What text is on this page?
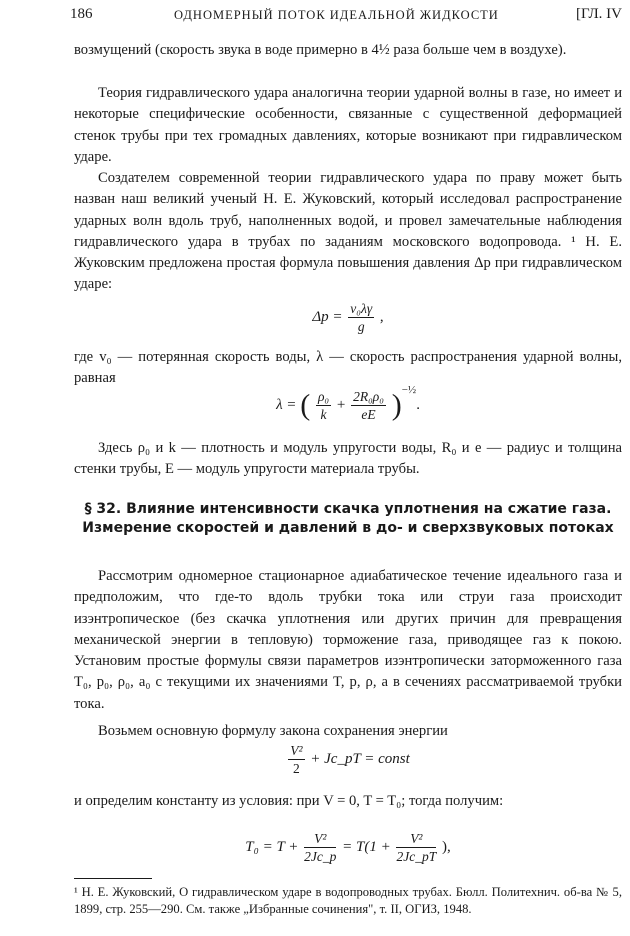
186	ОДНОМЕРНЫЙ ПОТОК ИДЕАЛЬНОЙ ЖИДКОСТИ	[ГЛ. IV

возмущений (скорость звука в воде примерно в 4½ раза больше чем в воздухе).

Теория гидравлического удара аналогична теории ударной волны в газе, но имеет и некоторые специфические особенности, связанные с существенной деформацией стенок трубы при тех громадных давлениях, которые возникают при гидравлическом ударе.

Создателем современной теории гидравлического удара по праву может быть назван наш великий ученый Н. Е. Жуковский, который исследовал распространение ударных волн вдоль труб, наполненных водой, и провел замечательные наблюдения гидравлического удара в трубах по заданиям московского водопровода. ¹ Н. Е. Жуковским предложена простая формула повышения давления Δp при гидравлическом ударе:

$\Delta p = \frac{\text{v₀λγ}}{g}$ ,

где v₀ — потерянная скорость воды, λ — скорость распространения ударной волны, равная

λ = ( $\frac{\text{ρ₀}}{k} + \frac{\text{2R₀ρ₀}}{eE} )^{-\frac{1}{2}}$.

Здесь ρ₀ и k — плотность и модуль упругости воды, R₀ и e — радиус и толщина стенки трубы, E — модуль упругости материала трубы.

§ 32. Влияние интенсивности скачка уплотнения на сжатие газа. Измерение скоростей и давлений в до- и сверхзвуковых потоках

Рассмотрим одномерное стационарное адиабатическое течение идеального газа и предположим, что где-то вдоль трубки тока или струи газа происходит изэнтропическое (без скачка уплотнения или других причин для превращения механической энергии в тепловую) торможение газа, приводящее газ к покою. Установим простые формулы связи параметров изэнтропически заторможенного газа T₀, p₀, ρ₀, a₀ с текущими их значениями T, p, ρ, a в сечениях рассматриваемой трубки тока.

Возьмем основную формулу закона сохранения энергии

$\frac{\text{V²}}{2}$ + Jc_pT = const

и определим константу из условия: при V = 0, T = T₀; тогда получим:

$T_0 = T + \frac{\text{V²}}{2Jc\_p} = T(1 + \frac{\text{V²}}{2Jc\_pT}$ ),

¹ Н. Е. Жуковский, О гидравлическом ударе в водопроводных трубах. Бюлл. Политехнич. об-ва № 5, 1899, стр. 255—290. См. также „Избранные сочинения", т. II, ОГИЗ, 1948.
